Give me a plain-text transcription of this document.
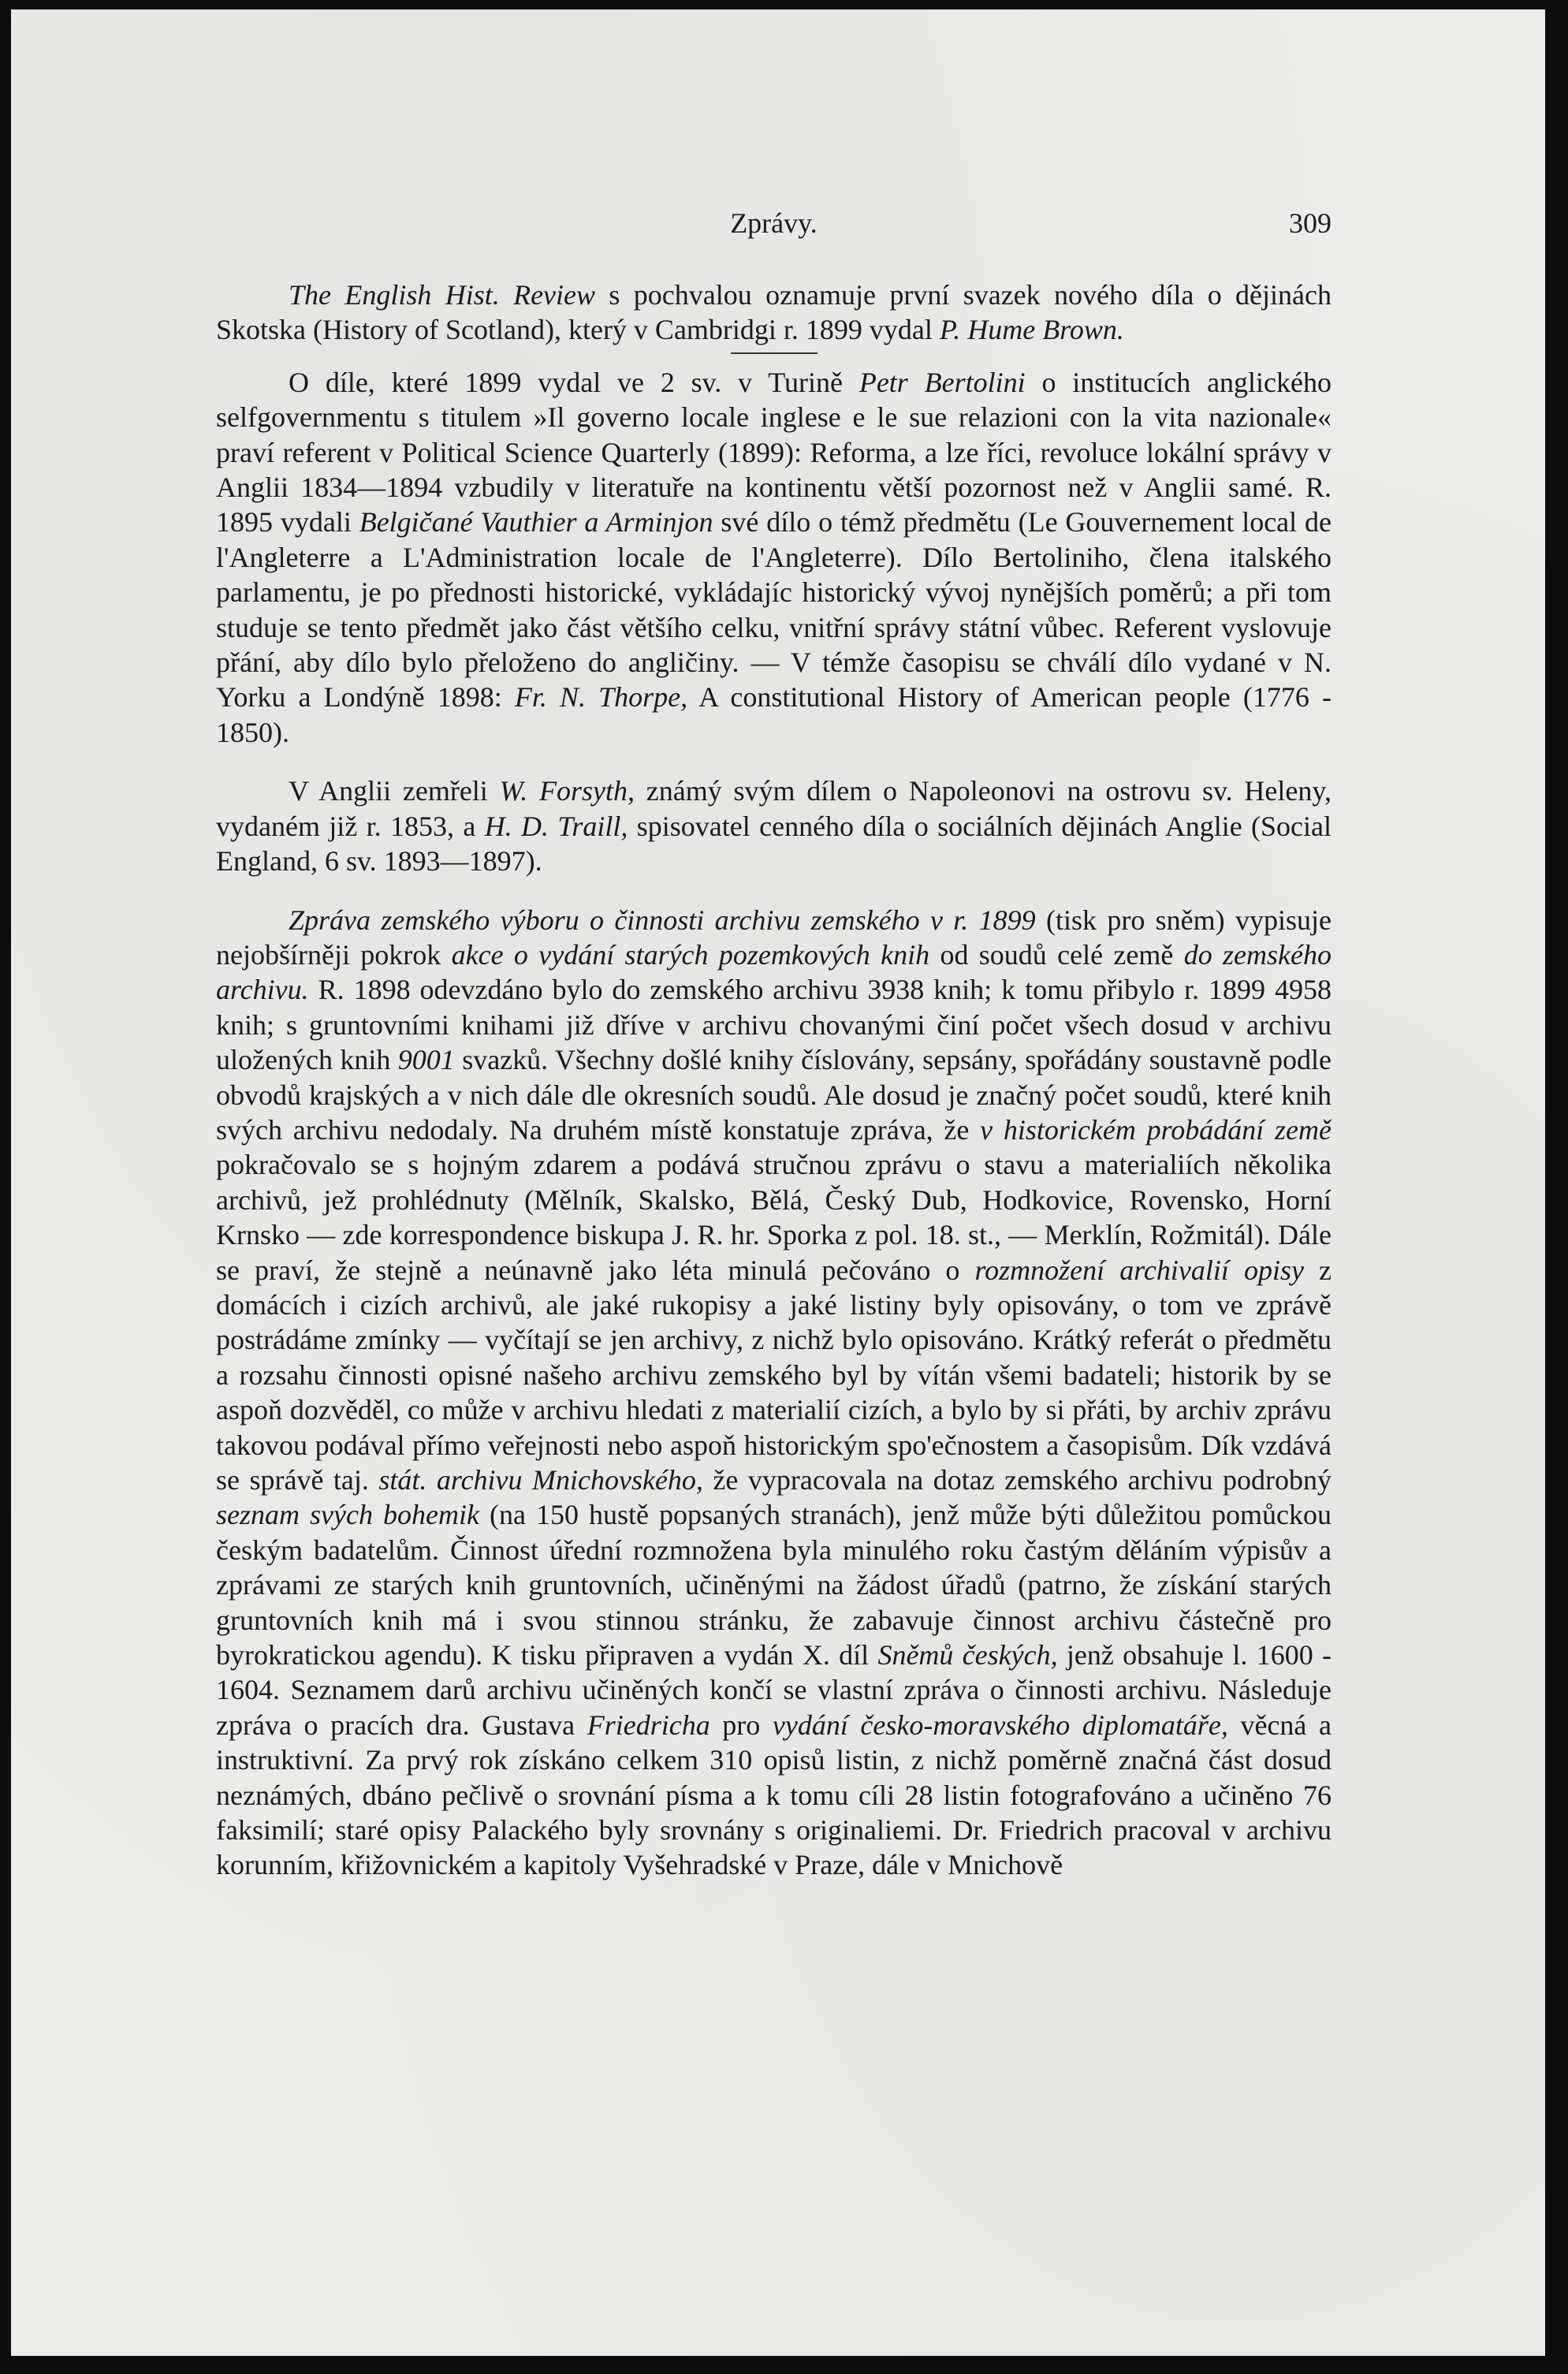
Zprávy.	309

The English Hist. Review s pochvalou oznamuje první svazek nového díla o dějinách Skotska (History of Scotland), který v Cambridgi r. 1899 vydal P. Hume Brown.

O díle, které 1899 vydal ve 2 sv. v Turině Petr Bertolini o institucích anglického selfgovernmentu s titulem »Il governo locale inglese e le sue relazioni con la vita nazionale« praví referent v Political Science Quarterly (1899): Reforma, a lze říci, revoluce lokální správy v Anglii 1834—1894 vzbudily v literatuře na kontinentu větší pozornost než v Anglii samé. R. 1895 vydali Belgičané Vauthier a Arminjon své dílo o témž předmětu (Le Gouvernement local de l'Angleterre a L'Administration locale de l'Angleterre). Dílo Bertoliniho, člena italského parlamentu, je po přednosti historické, vykládajíc historický vývoj nynějších poměrů; a při tom studuje se tento předmět jako část většího celku, vnitřní správy státní vůbec. Referent vyslovuje přání, aby dílo bylo přeloženo do angličiny. — V témže časopisu se chválí dílo vydané v N. Yorku a Londýně 1898: Fr. N. Thorpe, A constitutional History of American people (1776 - 1850).

V Anglii zemřeli W. Forsyth, známý svým dílem o Napoleonovi na ostrovu sv. Heleny, vydaném již r. 1853, a H. D. Traill, spisovatel cenného díla o sociálních dějinách Anglie (Social England, 6 sv. 1893—1897).

Zpráva zemského výboru o činnosti archivu zemského v r. 1899 (tisk pro sněm) vypisuje nejobšírněji pokrok akce o vydání starých pozemkových knih od soudů celé země do zemského archivu. R. 1898 odevzdáno bylo do zemského archivu 3938 knih; k tomu přibylo r. 1899 4958 knih; s gruntovními knihami již dříve v archivu chovanými činí počet všech dosud v archivu uložených knih 9001 svazků. Všechny došlé knihy číslovány, sepsány, spořádány soustavně podle obvodů krajských a v nich dále dle okresních soudů. Ale dosud je značný počet soudů, které knih svých archivu nedodaly. Na druhém místě konstatuje zpráva, že v historickém probádání země pokračovalo se s hojným zdarem a podává stručnou zprávu o stavu a materialiích několika archivů, jež prohlédnuty (Mělník, Skalsko, Bělá, Český Dub, Hodkovice, Rovensko, Horní Krnsko — zde korrespondence biskupa J. R. hr. Sporka z pol. 18. st., — Merklín, Rožmitál). Dále se praví, že stejně a neúnavně jako léta minulá pečováno o rozmnožení archivalií opisy z domácích i cizích archivů, ale jaké rukopisy a jaké listiny byly opisovány, o tom ve zprávě postrádáme zmínky — vyčítají se jen archivy, z nichž bylo opisováno. Krátký referát o předmětu a rozsahu činnosti opisné našeho archivu zemského byl by vítán všemi badateli; historik by se aspoň dozvěděl, co může v archivu hledati z materialií cizích, a bylo by si přáti, by archiv zprávu takovou podával přímo veřejnosti nebo aspoň historickým spo'ečnostem a časopisům. Dík vzdává se správě taj. stát. archivu Mnichovského, že vypracovala na dotaz zemského archivu podrobný seznam svých bohemik (na 150 hustě popsaných stranách), jenž může býti důležitou pomůckou českým badatelům. Činnost úřední rozmnožena byla minulého roku častým děláním výpisův a zprávami ze starých knih gruntovních, učiněnými na žádost úřadů (patrno, že získání starých gruntovních knih má i svou stinnou stránku, že zabavuje činnost archivu částečně pro byrokratickou agendu). K tisku připraven a vydán X. díl Sněmů českých, jenž obsahuje l. 1600 - 1604. Seznamem darů archivu učiněných končí se vlastní zpráva o činnosti archivu. Následuje zpráva o pracích dra. Gustava Friedricha pro vydání česko-moravského diplomatáře, věcná a instruktivní. Za prvý rok získáno celkem 310 opisů listin, z nichž poměrně značná část dosud neznámých, dbáno pečlivě o srovnání písma a k tomu cíli 28 listin fotografováno a učiněno 76 faksimilí; staré opisy Palackého byly srovnány s originaliemi. Dr. Friedrich pracoval v archivu korunním, křižovnickém a kapitoly Vyšehradské v Praze, dále v Mnichově
